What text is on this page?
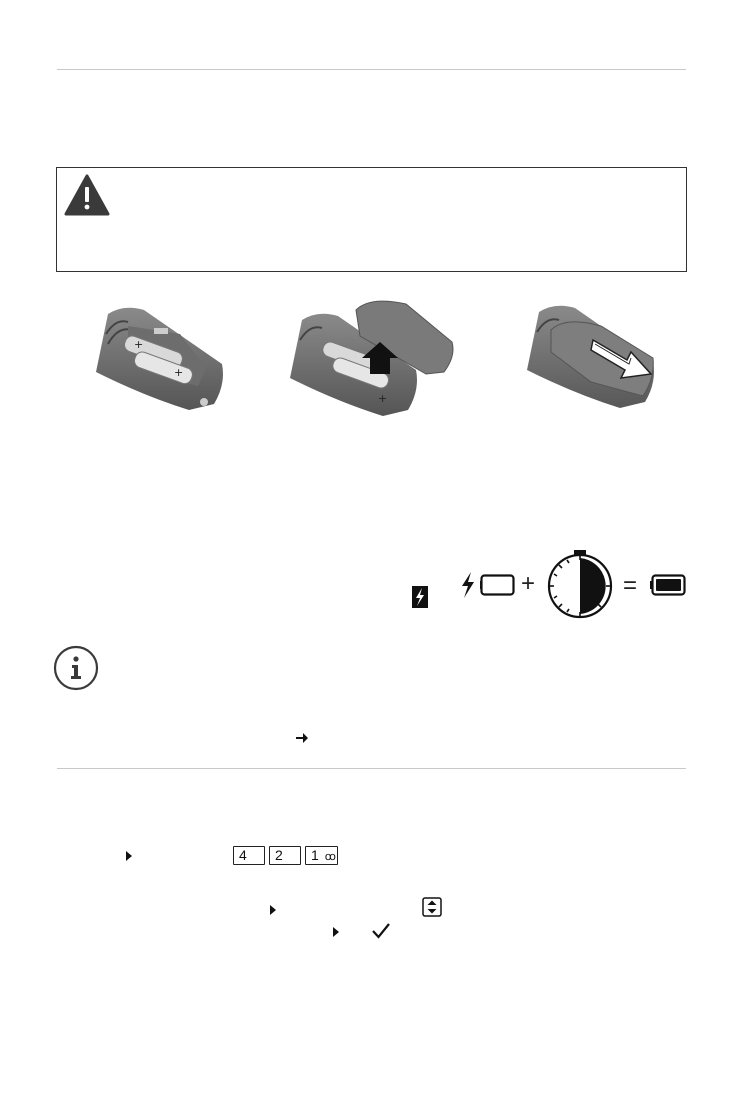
+
+
+
+	=
4	2	1 ꝏ
